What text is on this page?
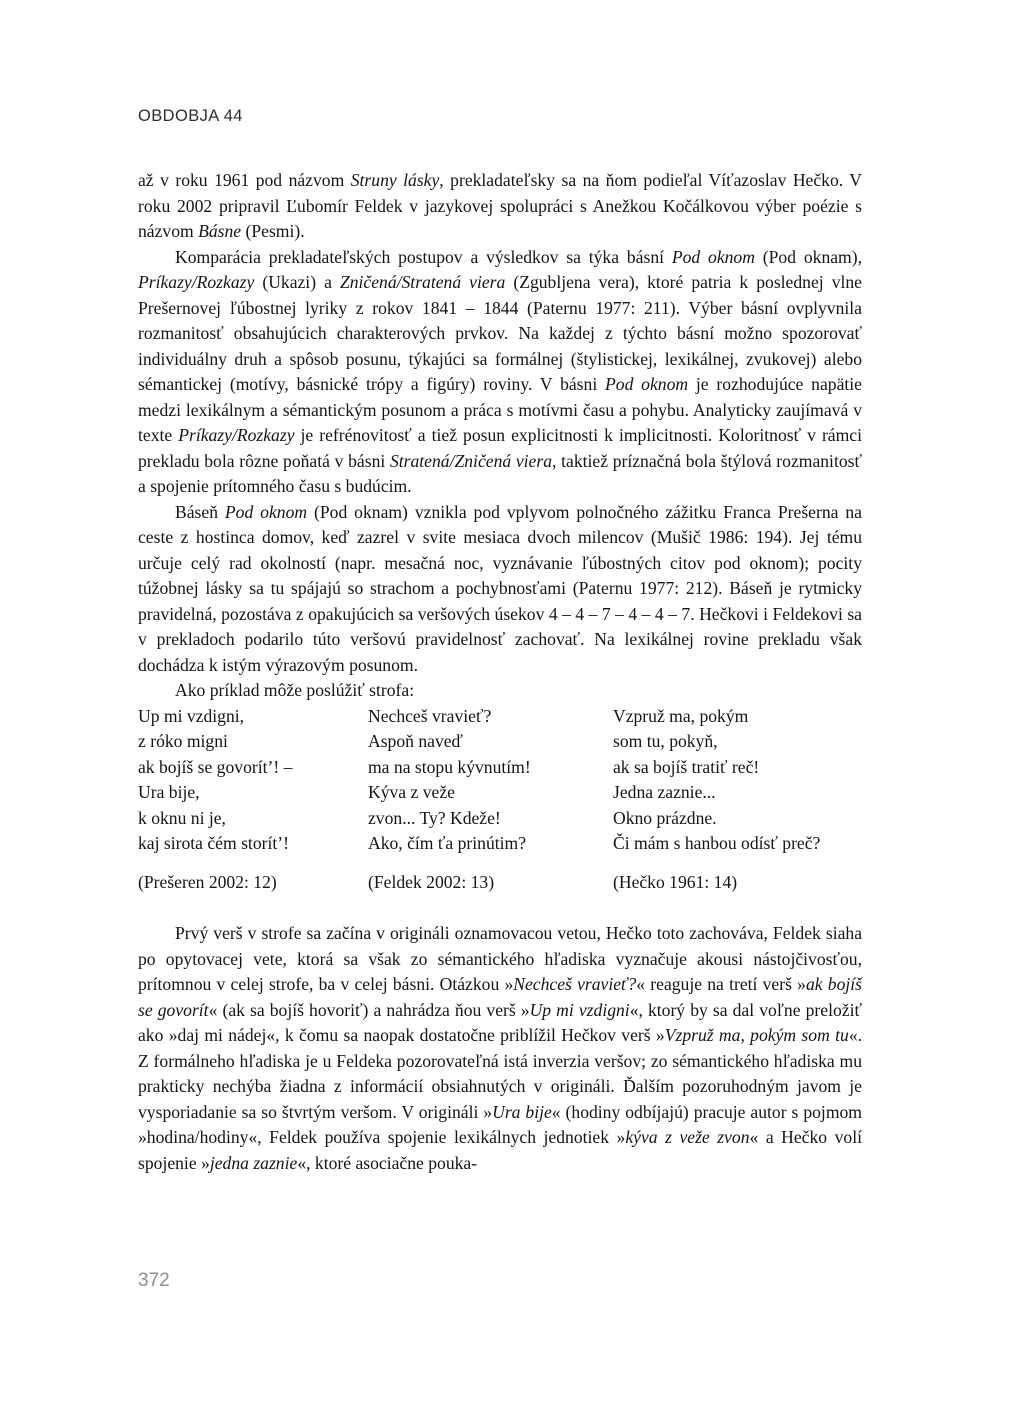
OBDOBJA 44

až v roku 1961 pod názvom Struny lásky, prekladateľsky sa na ňom podieľal Víťazoslav Hečko. V roku 2002 pripravil Ľubomír Feldek v jazykovej spolupráci s Anežkou Kočálkovou výber poézie s názvom Básne (Pesmi).

Komparácia prekladateľských postupov a výsledkov sa týka básní Pod oknom (Pod oknam), Príkazy/Rozkazy (Ukazi) a Zničená/Stratená viera (Zgubljena vera), ktoré patria k poslednej vlne Prešernovej ľúbostnej lyriky z rokov 1841 – 1844 (Paternu 1977: 211). Výber básní ovplyvnila rozmanitosť obsahujúcich charakterových prvkov. Na každej z týchto básní možno spozorovať individuálny druh a spôsob posunu, týkajúci sa formálnej (štylistickej, lexikálnej, zvukovej) alebo sémantickej (motívy, básnické trópy a figúry) roviny. V básni Pod oknom je rozhodujúce napätie medzi lexikálnym a sémantickým posunom a práca s motívmi času a pohybu. Analyticky zaujímavá v texte Príkazy/Rozkazy je refrénovitosť a tiež posun explicitnosti k implicitnosti. Koloritnosť v rámci prekladu bola rôzne poňatá v básni Stratená/Zničená viera, taktiež príznačná bola štýlová rozmanitosť a spojenie prítomného času s budúcim.

Báseň Pod oknom (Pod oknam) vznikla pod vplyvom polnočného zážitku Franca Prešerna na ceste z hostinca domov, keď zazrel v svite mesiaca dvoch milencov (Mušič 1986: 194). Jej tému určuje celý rad okolností (napr. mesačná noc, vyznávanie ľúbostných citov pod oknom); pocity túžobnej lásky sa tu spájajú so strachom a pochybnosťami (Paternu 1977: 212). Báseň je rytmicky pravidelná, pozostáva z opakujúcich sa veršových úsekov 4 – 4 – 7 – 4 – 4 – 7. Hečkovi i Feldekovi sa v prekladoch podarilo túto veršovú pravidelnosť zachovať. Na lexikálnej rovine prekladu však dochádza k istým výrazovým posunom.

Ako príklad môže poslúžiť strofa:

Up mi vzdigni,
z róko migni
ak bojíš se govorít’! –
Ura bije,
k oknu ni je,
kaj sirota čém storít’!
(Prešeren 2002: 12)
Nechceš vravieť?
Aspoň naveď
ma na stopu kývnutím!
Kýva z veže
zvon... Ty? Kdeže!
Ako, čím ťa prinútim?
(Feldek 2002: 13)
Vzpruž ma, pokým
som tu, pokyň,
ak sa bojíš tratiť reč!
Jedna zaznie...
Okno prázdne.
Či mám s hanbou odísť preč?
(Hečko 1961: 14)

Prvý verš v strofe sa začína v origináli oznamovacou vetou, Hečko toto zachováva, Feldek siaha po opytovacej vete, ktorá sa však zo sémantického hľadiska vyznačuje akousi nástojčivosťou, prítomnou v celej strofe, ba v celej básni. Otázkou »Nechceš vravieť?« reaguje na tretí verš »ak bojíš se govorít« (ak sa bojíš hovoriť) a nahrádza ňou verš »Up mi vzdigni«, ktorý by sa dal voľne preložiť ako »daj mi nádej«, k čomu sa naopak dostatočne priblížil Hečkov verš »Vzpruž ma, pokým som tu«. Z formálneho hľadiska je u Feldeka pozorovateľná istá inverzia veršov; zo sémantického hľadiska mu prakticky nechýba žiadna z informácií obsiahnutých v origináli. Ďalším pozoruhodným javom je vysporiadanie sa so štvrtým veršom. V origináli »Ura bije« (hodiny odbíjajú) pracuje autor s pojmom »hodina/hodiny«, Feldek používa spojenie lexikálnych jednotiek »kýva z veže zvon« a Hečko volí spojenie »jedna zaznie«, ktoré asociačne pouka-

372
